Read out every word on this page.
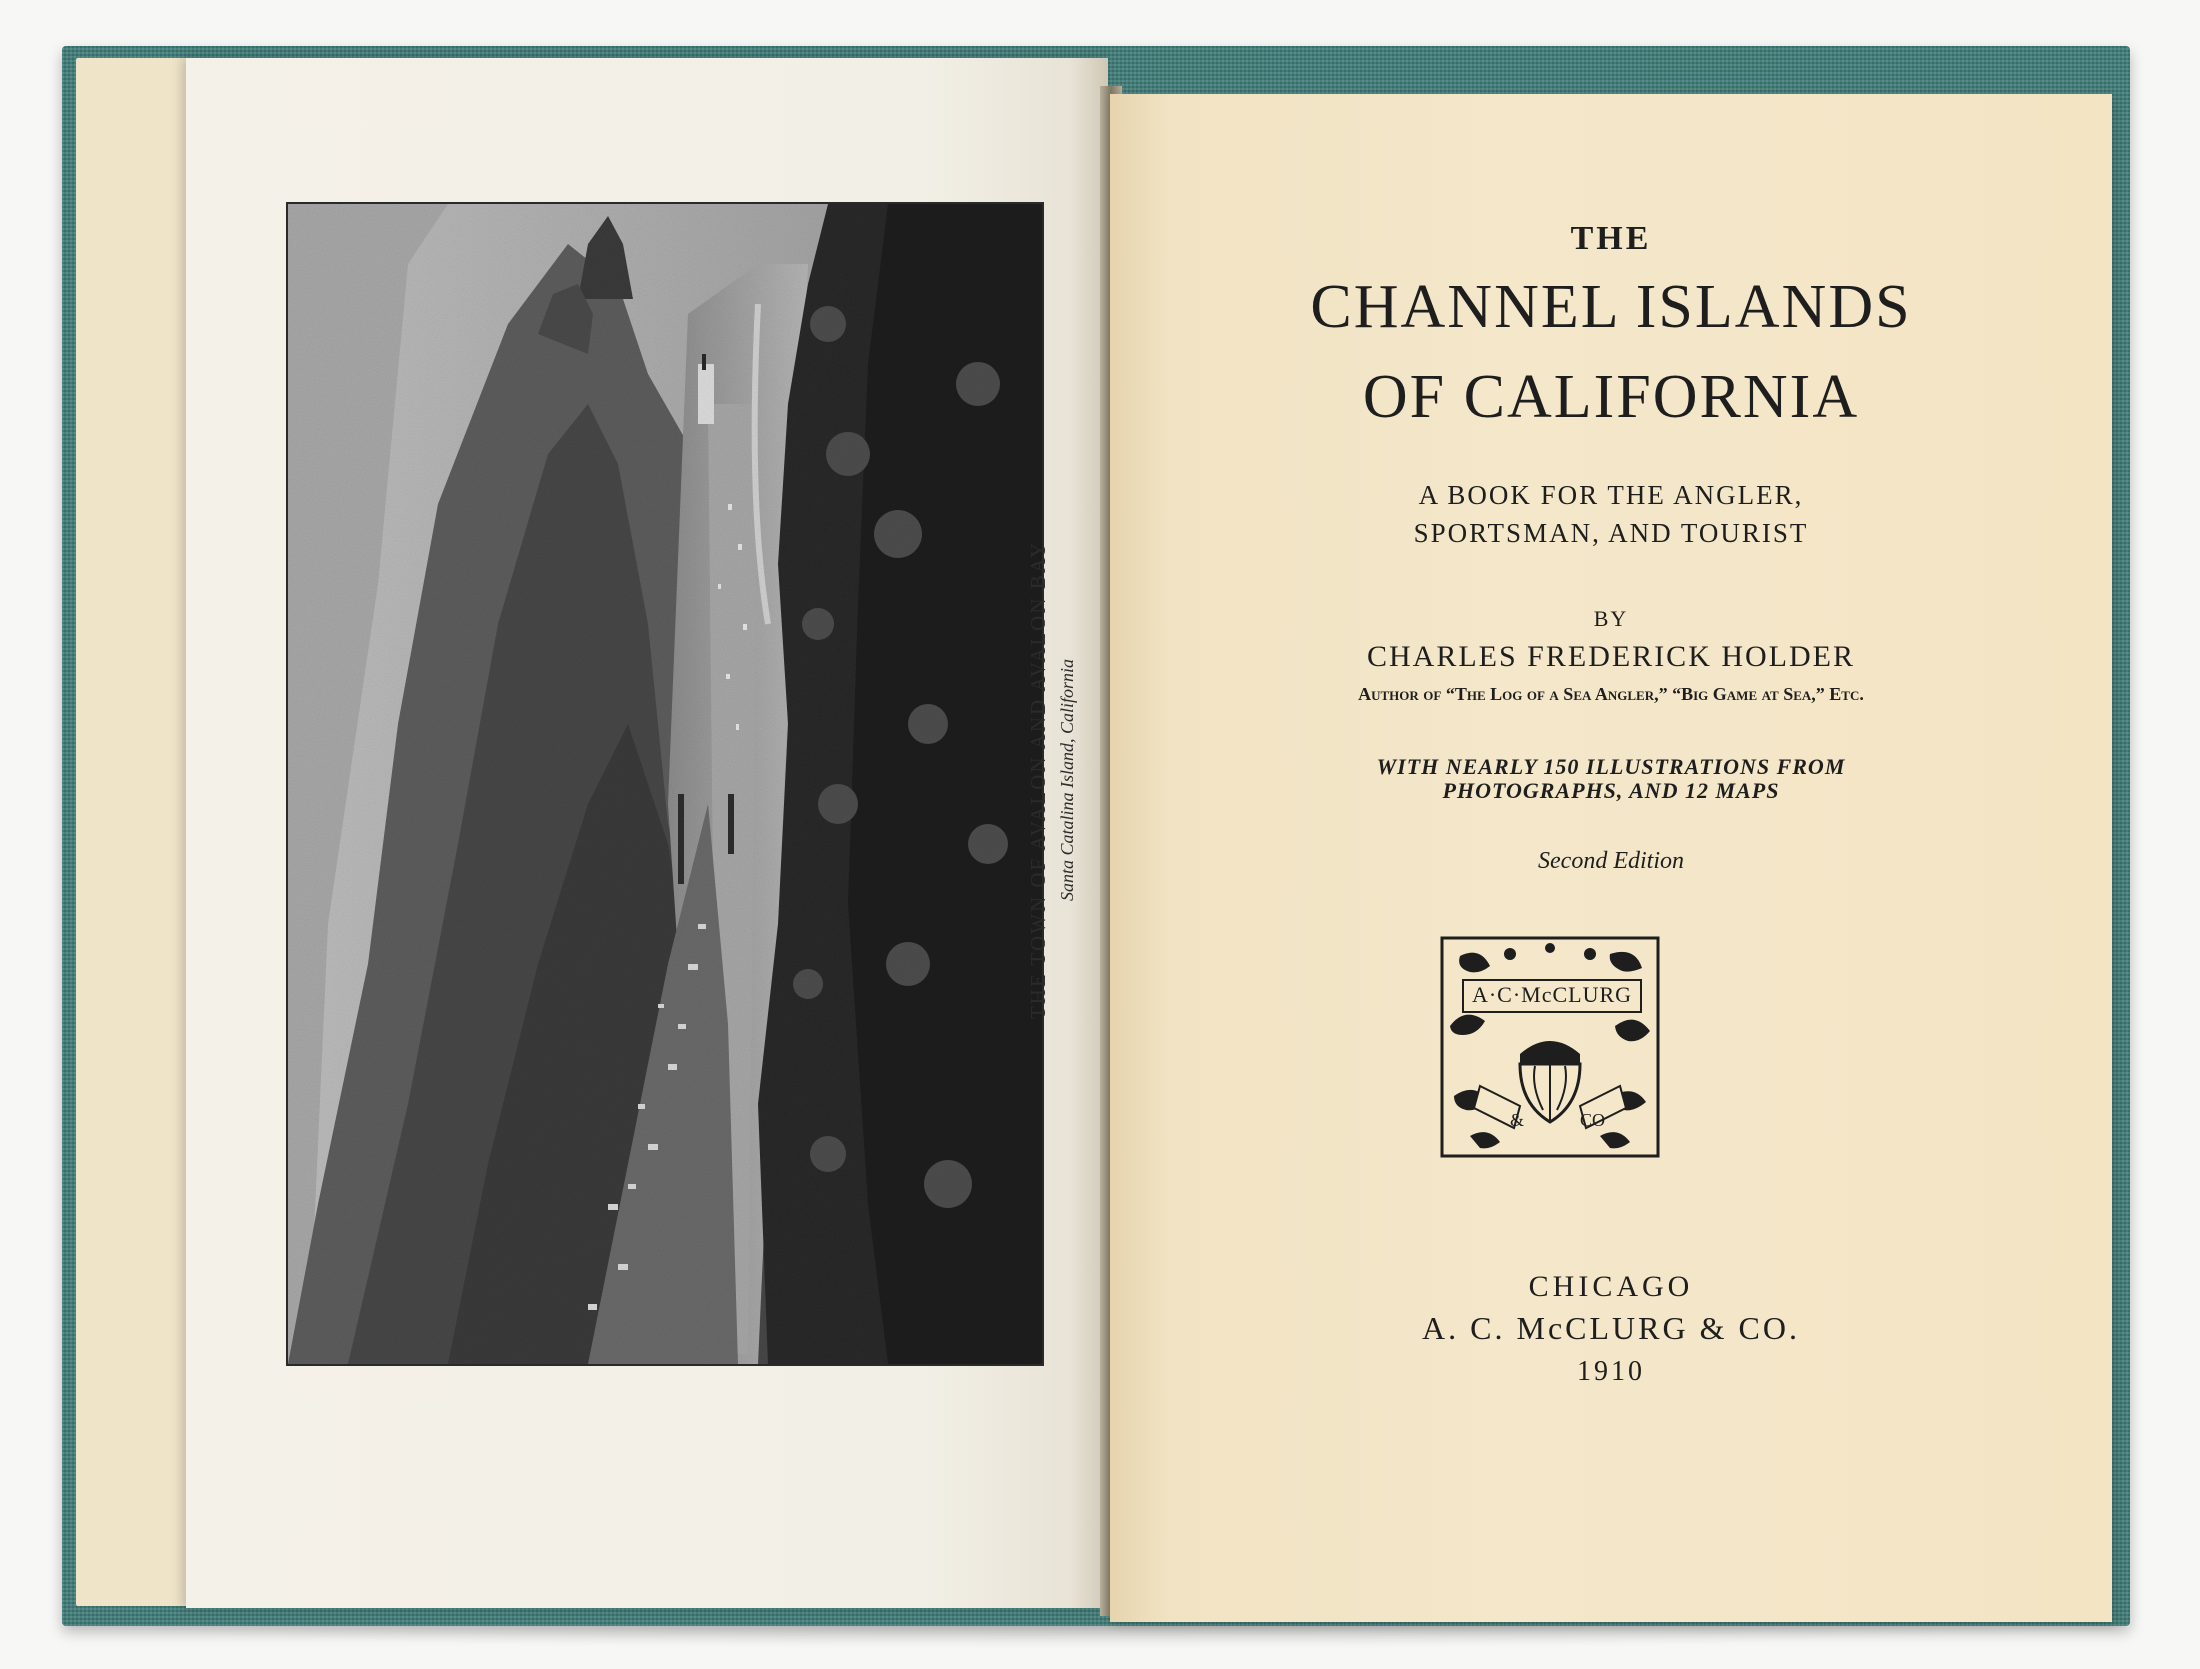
THE TOWN OF AVALON AND AVALON BAY Santa Catalina Island, California
THE
CHANNEL ISLANDS
OF CALIFORNIA
A BOOK FOR THE ANGLER,
SPORTSMAN, AND TOURIST
BY
CHARLES FREDERICK HOLDER
Author of “The Log of a Sea Angler,” “Big Game at Sea,” Etc.
WITH NEARLY 150 ILLUSTRATIONS FROM
PHOTOGRAPHS, AND 12 MAPS
Second Edition
&	CO
A·C·McCLURG
CHICAGO
A. C. McCLURG & CO.
1910
